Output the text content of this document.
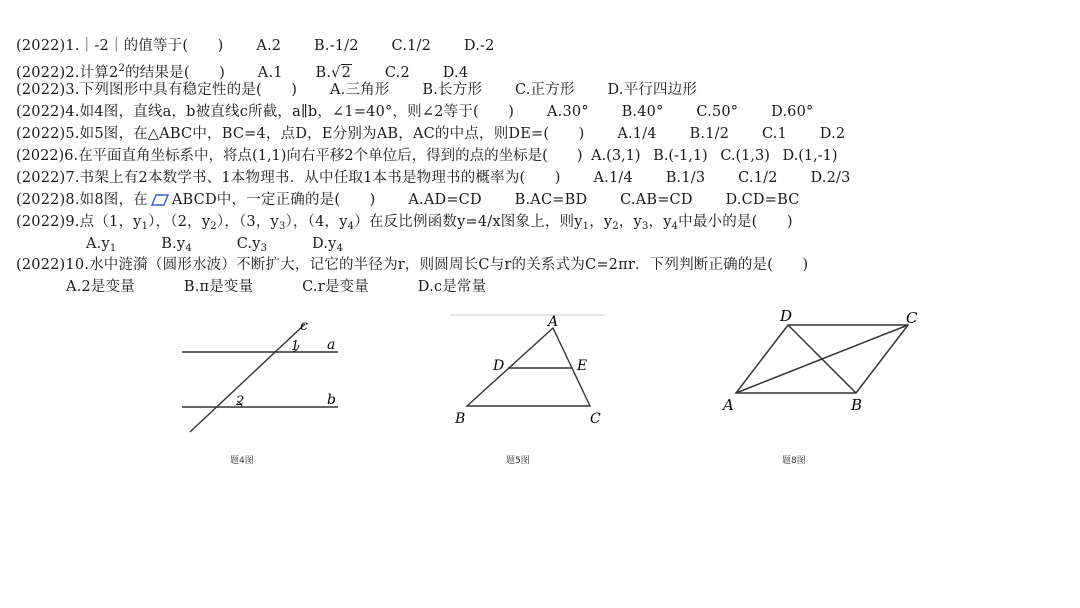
(2022)1.｜-2｜的值等于(　　) A.2 B.-1/2 C.1/2 D.-2
(2022)2.计算$2^2$的结果是(　　) A.1 B.√2 C.2 D.4
(2022)3.下列图形中具有稳定性的是(　　) A.三角形 B.长方形 C.正方形 D.平行四边形
(2022)4.如4图，直线a，b被直线c所截，a∥b，∠1=40°，则∠2等于(　　) A.30° B.40° C.50° D.60°
(2022)5.如5图，在△ABC中，BC=4，点D，E分别为AB，AC的中点，则DE=(　　) A.1/4 B.1/2 C.1 D.2
(2022)6.在平面直角坐标系中，将点(1,1)向右平移2个单位后，得到的点的坐标是(　　) A.(3,1) B.(-1,1) C.(1,3) D.(1,-1)
(2022)7.书架上有2本数学书、1本物理书．从中任取1本书是物理书的概率为(　　) A.1/4 B.1/3 C.1/2 D.2/3
(2022)8.如8图，在 ABCD中，一定正确的是(　　) A.AD=CD B.AC=BD C.AB=CD D.CD=BC
(2022)9.点（1，$y_1$），（2，$y_2$），（3，$y_3$），（4，$y_4$）在反比例函数y=4/x图象上，则$y_1$，$y_2$，$y_3$，$y_4$中最小的是(　　)
$A.y_1$	$B.y_4$	$C.y_3$	$D.y_4$
(2022)10.水中涟漪（圆形水波）不断扩大，记它的半径为r，则圆周长C与r的关系式为C=2πr．下列判断正确的是(　　)
A.2是变量	B.π是变量	C.r是变量	D.c是常量
c
a
b
1
2
题4图
A
D	E
B	C
题5图
D	C
A	B
题8图
